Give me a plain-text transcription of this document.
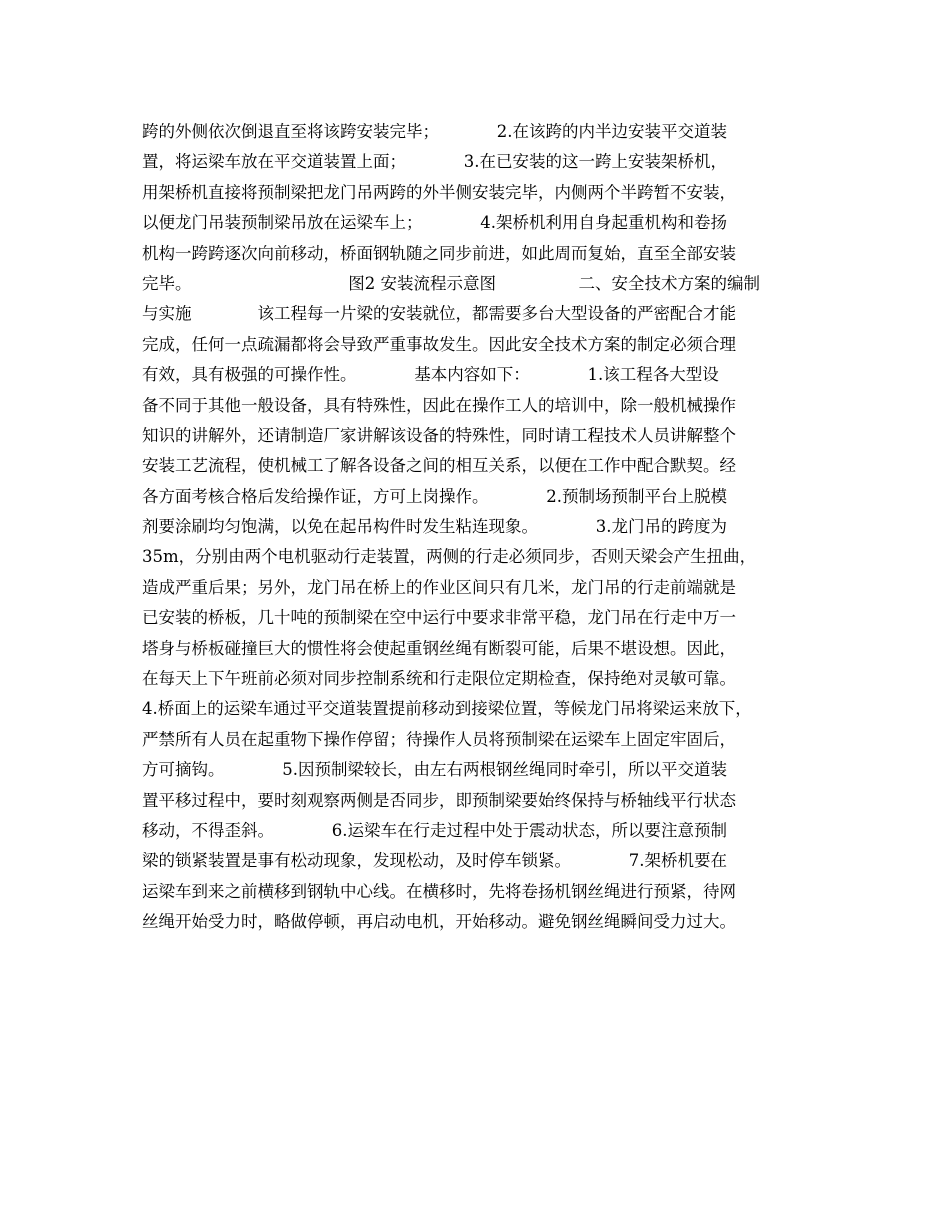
跨的外侧依次倒退直至将该跨安装完毕；　　　　2.在该跨的内半边安装平交道装
置，将运梁车放在平交道装置上面；　　　　3.在已安装的这一跨上安装架桥机，
用架桥机直接将预制梁把龙门吊两跨的外半侧安装完毕，内侧两个半跨暂不安装，
以便龙门吊装预制梁吊放在运梁车上；　　　　4.架桥机利用自身起重机构和卷扬
机构一跨跨逐次向前移动，桥面钢轨随之同步前进，如此周而复始，直至全部安装
完毕。　　　　　　　　　　图2 安装流程示意图　　　　　二、安全技术方案的编制
与实施　　　　该工程每一片梁的安装就位，都需要多台大型设备的严密配合才能
完成，任何一点疏漏都将会导致严重事故发生。因此安全技术方案的制定必须合理
有效，具有极强的可操作性。　　　　基本内容如下：　　　　1.该工程各大型设
备不同于其他一般设备，具有特殊性，因此在操作工人的培训中，除一般机械操作
知识的讲解外，还请制造厂家讲解该设备的特殊性，同时请工程技术人员讲解整个
安装工艺流程，使机械工了解各设备之间的相互关系，以便在工作中配合默契。经
各方面考核合格后发给操作证，方可上岗操作。　　　　2.预制场预制平台上脱模
剂要涂刷均匀饱满，以免在起吊构件时发生粘连现象。　　　　3.龙门吊的跨度为
35m，分别由两个电机驱动行走装置，两侧的行走必须同步，否则天梁会产生扭曲，
造成严重后果；另外，龙门吊在桥上的作业区间只有几米，龙门吊的行走前端就是
已安装的桥板，几十吨的预制梁在空中运行中要求非常平稳，龙门吊在行走中万一
塔身与桥板碰撞巨大的惯性将会使起重钢丝绳有断裂可能，后果不堪设想。因此，
在每天上下午班前必须对同步控制系统和行走限位定期检查，保持绝对灵敏可靠。
4.桥面上的运梁车通过平交道装置提前移动到接梁位置，等候龙门吊将梁运来放下，
严禁所有人员在起重物下操作停留；待操作人员将预制梁在运梁车上固定牢固后，
方可摘钩。　　　　5.因预制梁较长，由左右两根钢丝绳同时牵引，所以平交道装
置平移过程中，要时刻观察两侧是否同步，即预制梁要始终保持与桥轴线平行状态
移动，不得歪斜。　　　　6.运梁车在行走过程中处于震动状态，所以要注意预制
梁的锁紧装置是事有松动现象，发现松动，及时停车锁紧。　　　　7.架桥机要在
运梁车到来之前横移到钢轨中心线。在横移时，先将卷扬机钢丝绳进行预紧，待网
丝绳开始受力时，略做停顿，再启动电机，开始移动。避免钢丝绳瞬间受力过大。
